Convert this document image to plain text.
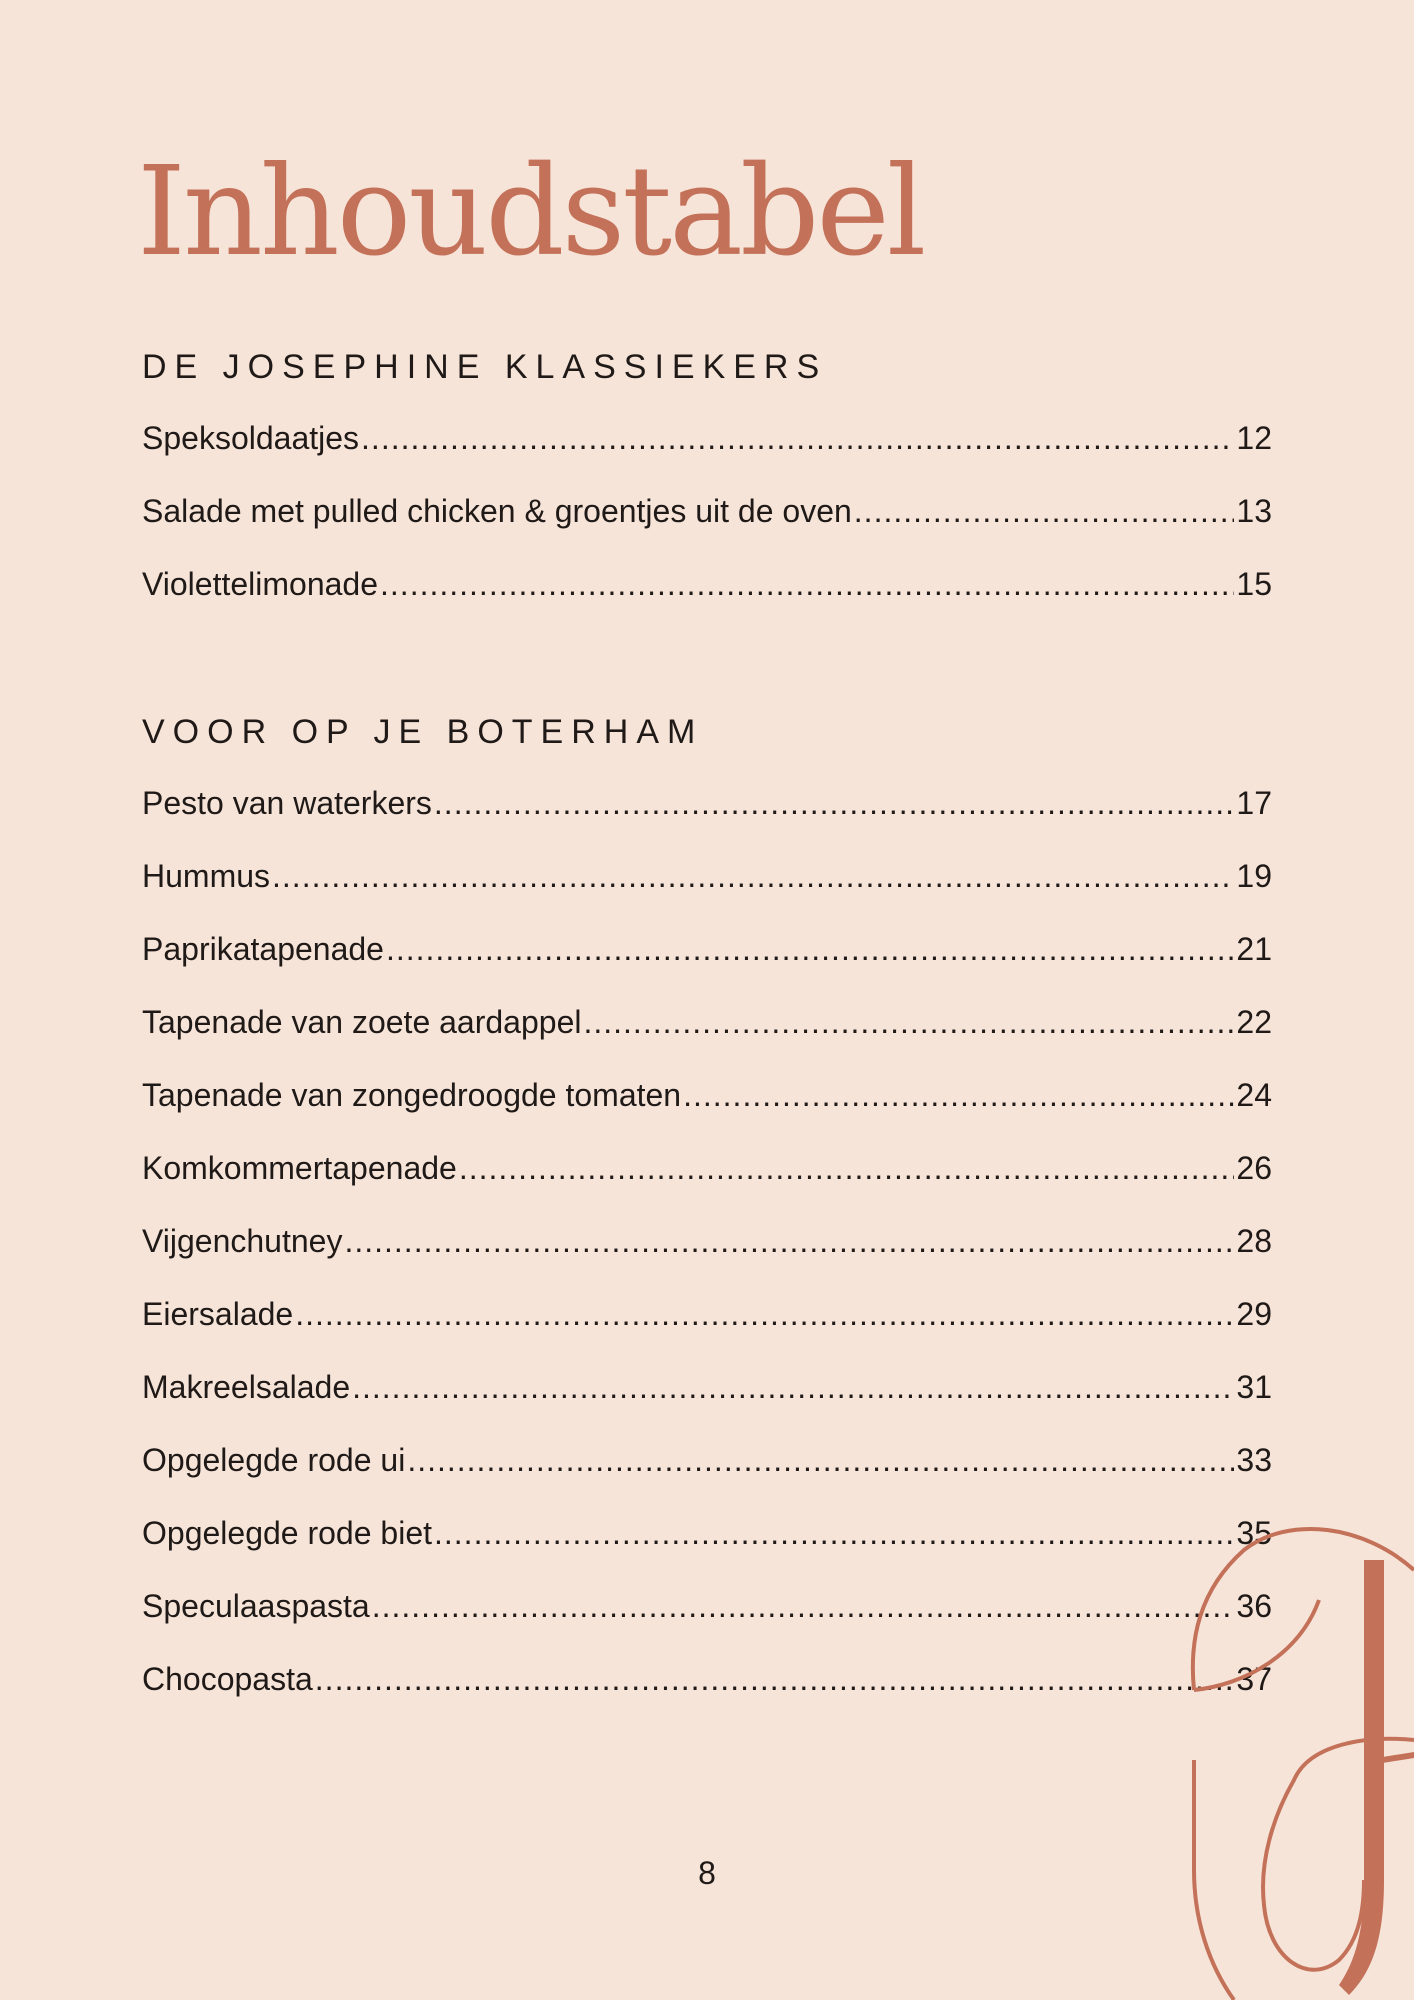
Inhoudstabel
DE JOSEPHINE KLASSIEKERS
Speksoldaatjes .....	12
Salade met pulled chicken & groentjes uit de oven .....	13
Violettelimonade .....	15
VOOR OP JE BOTERHAM
Pesto van waterkers .....	17
Hummus .....	19
Paprikatapenade .....	21
Tapenade van zoete aardappel .....	22
Tapenade van zongedroogde tomaten .....	24
Komkommertapenade .....	26
Vijgenchutney .....	28
Eiersalade .....	29
Makreelsalade .....	31
Opgelegde rode ui .....	33
Opgelegde rode biet .....	35
Speculaaspasta .....	36
Chocopasta .....	37
8
